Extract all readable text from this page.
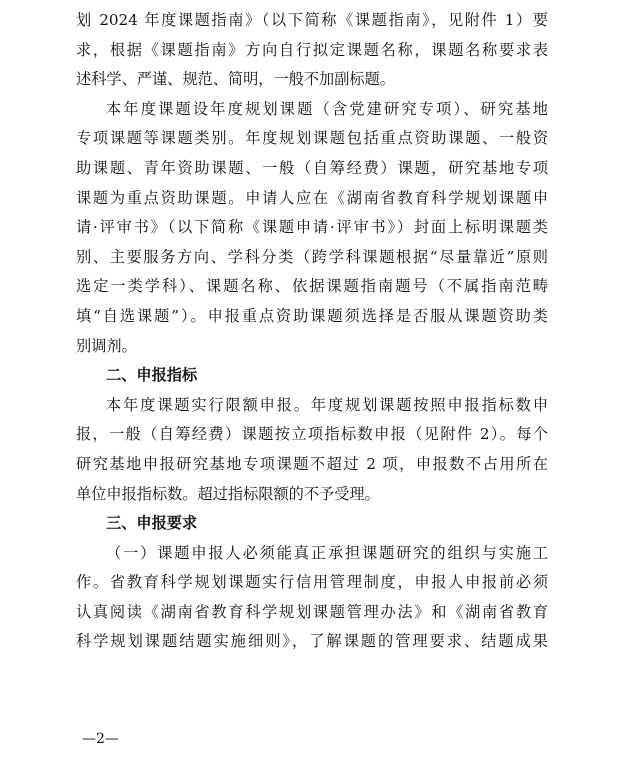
划 2024 年度课题指南》（以下简称《课题指南》，见附件 1）要
求，根据《课题指南》方向自行拟定课题名称，课题名称要求表
述科学、严谨、规范、简明，一般不加副标题。
本年度课题设年度规划课题（含党建研究专项）、研究基地
专项课题等课题类别。年度规划课题包括重点资助课题、一般资
助课题、青年资助课题、一般（自筹经费）课题，研究基地专项
课题为重点资助课题。申请人应在《湖南省教育科学规划课题申
请·评审书》（以下简称《课题申请·评审书》）封面上标明课题类
别、主要服务方向、学科分类（跨学科课题根据“尽量靠近”原则
选定一类学科）、课题名称、依据课题指南题号（不属指南范畴
填“自选课题”）。申报重点资助课题须选择是否服从课题资助类
别调剂。
二、申报指标
本年度课题实行限额申报。年度规划课题按照申报指标数申
报，一般（自筹经费）课题按立项指标数申报（见附件 2）。每个
研究基地申报研究基地专项课题不超过 2 项，申报数不占用所在
单位申报指标数。超过指标限额的不予受理。
三、申报要求
（一）课题申报人必须能真正承担课题研究的组织与实施工
作。省教育科学规划课题实行信用管理制度，申报人申报前必须
认真阅读《湖南省教育科学规划课题管理办法》和《湖南省教育
科学规划课题结题实施细则》，了解课题的管理要求、结题成果
—2—
